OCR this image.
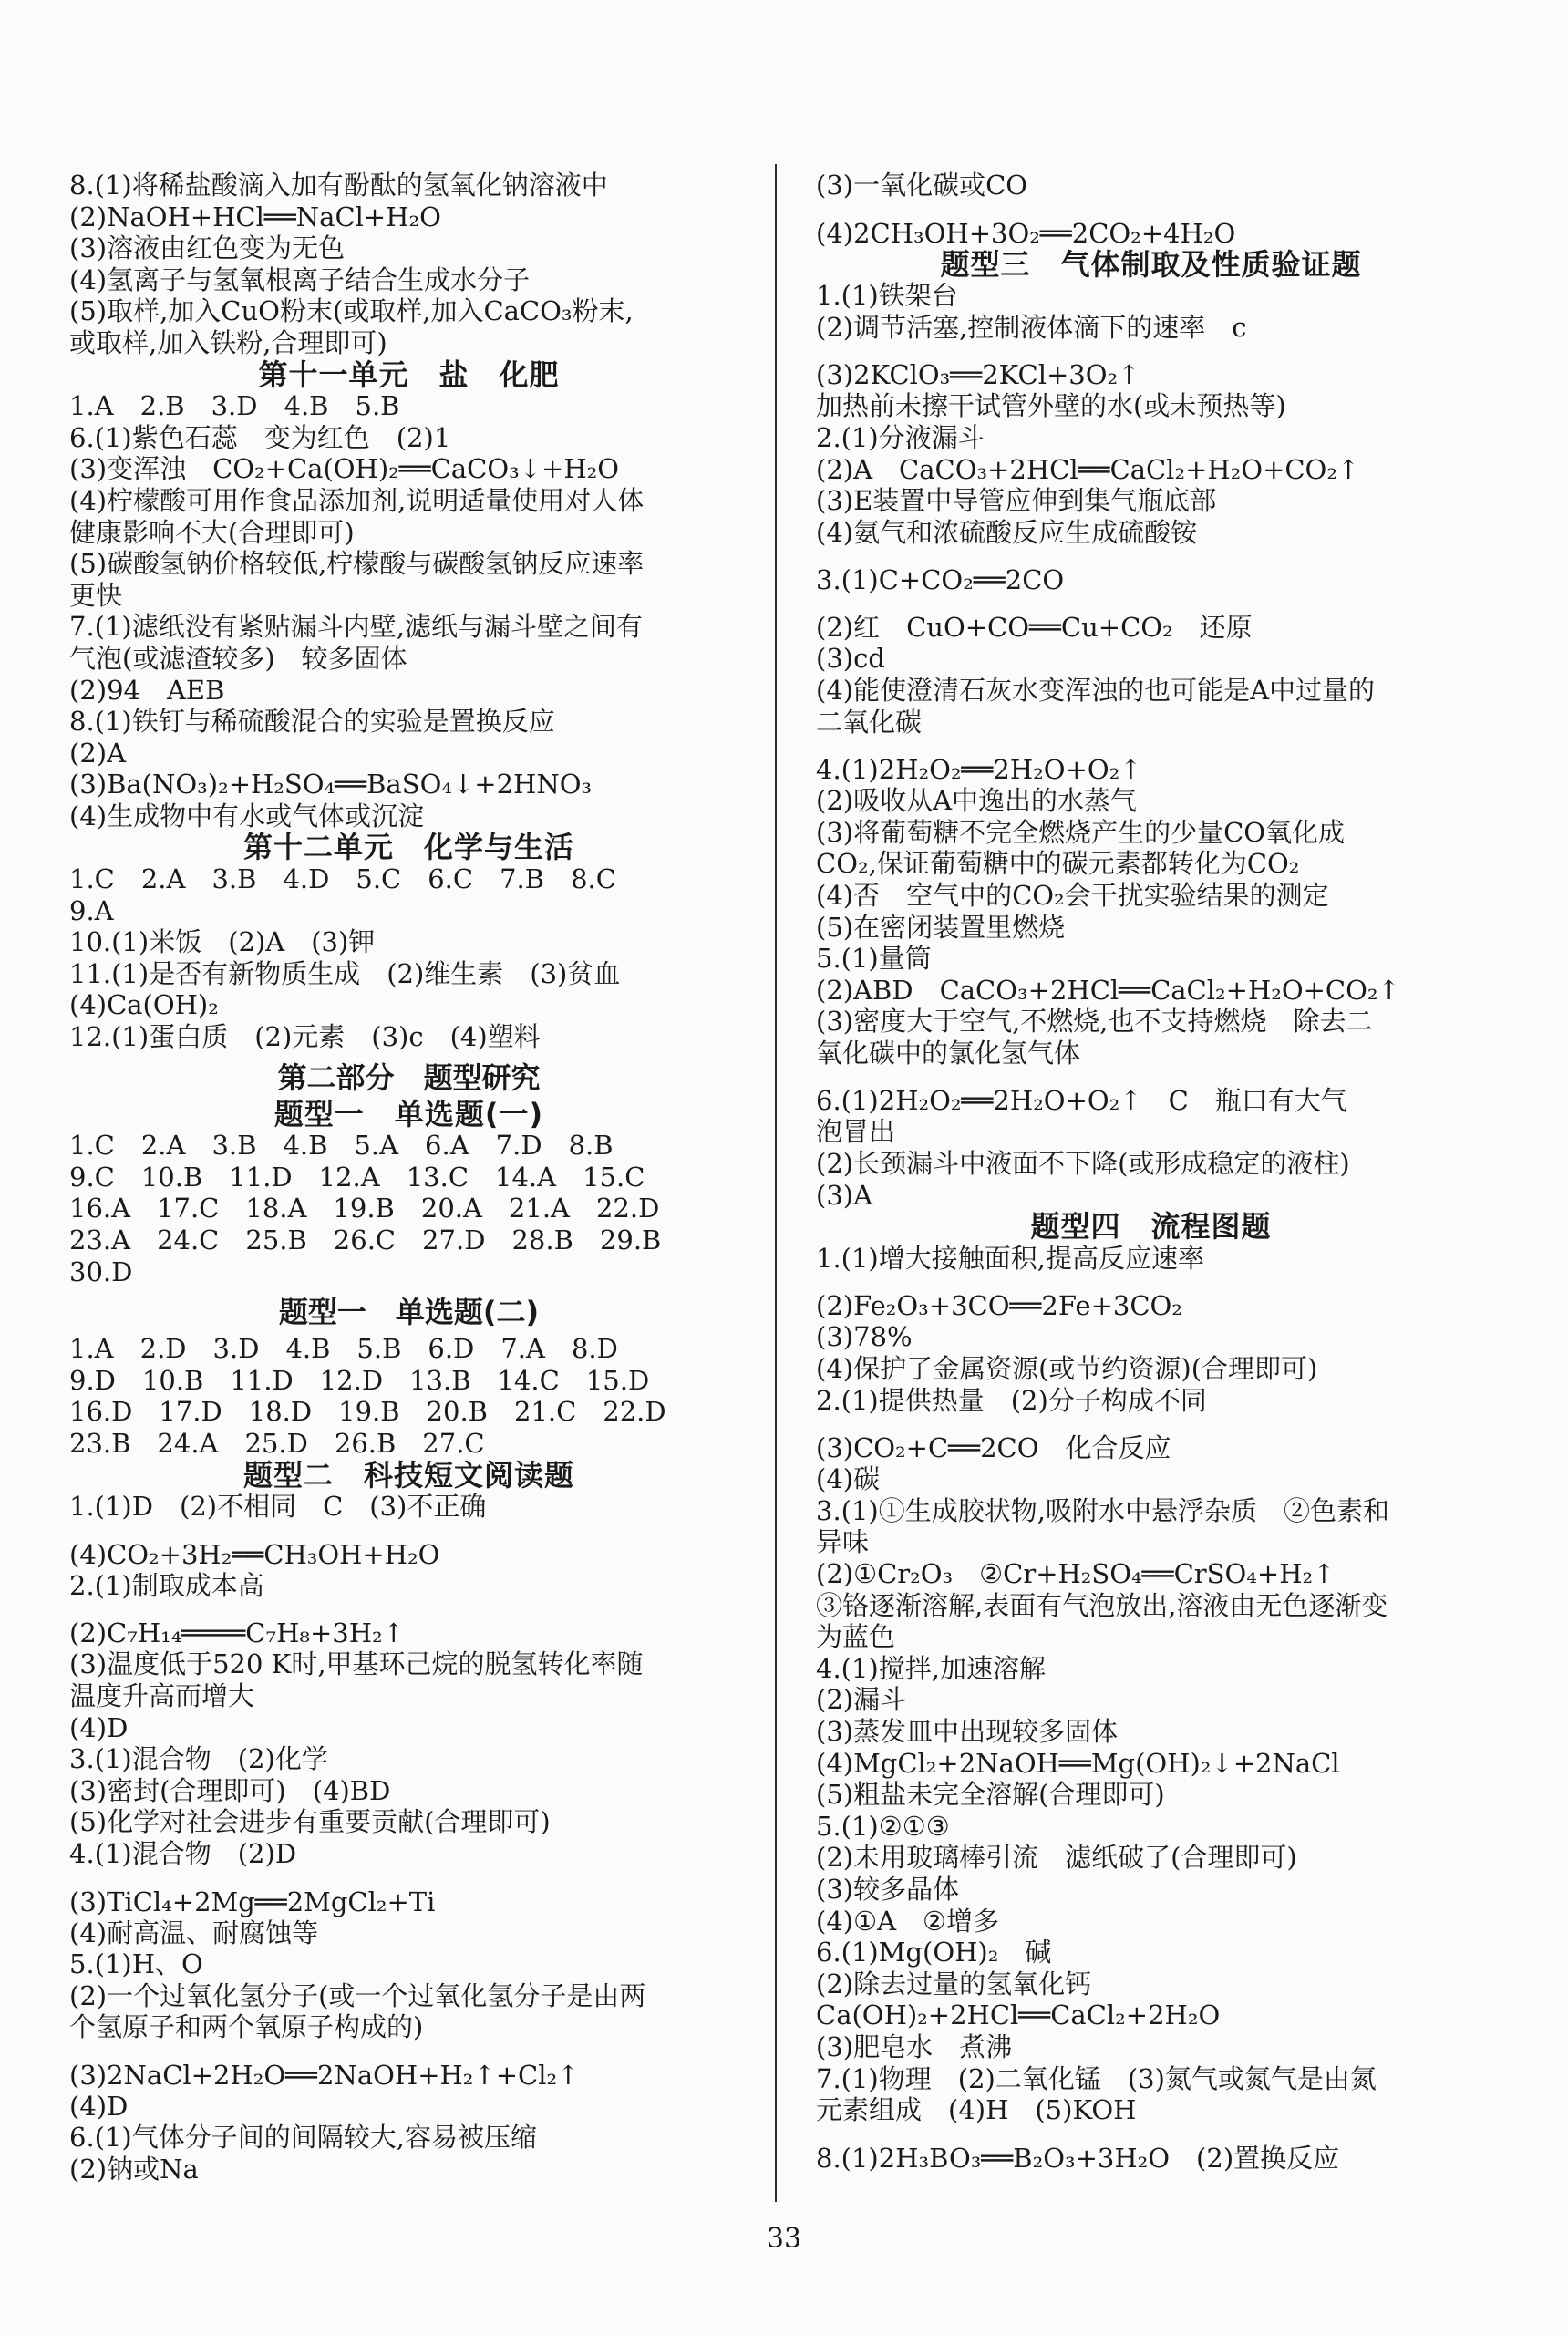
8.(1)将稀盐酸滴入加有酚酞的氢氧化钠溶液中
(2)NaOH+HCl══NaCl+H₂O
(3)溶液由红色变为无色
(4)氢离子与氢氧根离子结合生成水分子
(5)取样,加入CuO粉末(或取样,加入CaCO₃粉末,
或取样,加入铁粉,合理即可)
第十一单元　盐　化肥
1.A　2.B　3.D　4.B　5.B
6.(1)紫色石蕊　变为红色　(2)1
(3)变浑浊　CO₂+Ca(OH)₂══CaCO₃↓+H₂O
(4)柠檬酸可用作食品添加剂,说明适量使用对人体
健康影响不大(合理即可)
(5)碳酸氢钠价格较低,柠檬酸与碳酸氢钠反应速率
更快
7.(1)滤纸没有紧贴漏斗内壁,滤纸与漏斗壁之间有
气泡(或滤渣较多)　较多固体
(2)94　AEB
8.(1)铁钉与稀硫酸混合的实验是置换反应
(2)A
(3)Ba(NO₃)₂+H₂SO₄══BaSO₄↓+2HNO₃
(4)生成物中有水或气体或沉淀
第十二单元　化学与生活
1.C　2.A　3.B　4.D　5.C　6.C　7.B　8.C
9.A
10.(1)米饭　(2)A　(3)钾
11.(1)是否有新物质生成　(2)维生素　(3)贫血
(4)Ca(OH)₂
12.(1)蛋白质　(2)元素　(3)c　(4)塑料
第二部分　题型研究
题型一　单选题(一)
1.C　2.A　3.B　4.B　5.A　6.A　7.D　8.B
9.C　10.B　11.D　12.A　13.C　14.A　15.C
16.A　17.C　18.A　19.B　20.A　21.A　22.D
23.A　24.C　25.B　26.C　27.D　28.B　29.B
30.D
题型一　单选题(二)
1.A　2.D　3.D　4.B　5.B　6.D　7.A　8.D
9.D　10.B　11.D　12.D　13.B　14.C　15.D
16.D　17.D　18.D　19.B　20.B　21.C　22.D
23.B　24.A　25.D　26.B　27.C
题型二　科技短文阅读题
1.(1)D　(2)不相同　C　(3)不正确
(4)CO₂+3H₂══CH₃OH+H₂O
2.(1)制取成本高
(2)C₇H₁₄════C₇H₈+3H₂↑
(3)温度低于520 K时,甲基环己烷的脱氢转化率随
温度升高而增大
(4)D
3.(1)混合物　(2)化学
(3)密封(合理即可)　(4)BD
(5)化学对社会进步有重要贡献(合理即可)
4.(1)混合物　(2)D
(3)TiCl₄+2Mg══2MgCl₂+Ti
(4)耐高温、耐腐蚀等
5.(1)H、O
(2)一个过氧化氢分子(或一个过氧化氢分子是由两
个氢原子和两个氧原子构成的)
(3)2NaCl+2H₂O══2NaOH+H₂↑+Cl₂↑
(4)D
6.(1)气体分子间的间隔较大,容易被压缩
(2)钠或Na
(3)一氧化碳或CO
(4)2CH₃OH+3O₂══2CO₂+4H₂O
题型三　气体制取及性质验证题
1.(1)铁架台
(2)调节活塞,控制液体滴下的速率　c
(3)2KClO₃══2KCl+3O₂↑
加热前未擦干试管外壁的水(或未预热等)
2.(1)分液漏斗
(2)A　CaCO₃+2HCl══CaCl₂+H₂O+CO₂↑
(3)E装置中导管应伸到集气瓶底部
(4)氨气和浓硫酸反应生成硫酸铵
3.(1)C+CO₂══2CO
(2)红　CuO+CO══Cu+CO₂　还原
(3)cd
(4)能使澄清石灰水变浑浊的也可能是A中过量的
二氧化碳
4.(1)2H₂O₂══2H₂O+O₂↑
(2)吸收从A中逸出的水蒸气
(3)将葡萄糖不完全燃烧产生的少量CO氧化成
CO₂,保证葡萄糖中的碳元素都转化为CO₂
(4)否　空气中的CO₂会干扰实验结果的测定
(5)在密闭装置里燃烧
5.(1)量筒
(2)ABD　CaCO₃+2HCl══CaCl₂+H₂O+CO₂↑
(3)密度大于空气,不燃烧,也不支持燃烧　除去二
氧化碳中的氯化氢气体
6.(1)2H₂O₂══2H₂O+O₂↑　C　瓶口有大气
泡冒出
(2)长颈漏斗中液面不下降(或形成稳定的液柱)
(3)A
题型四　流程图题
1.(1)增大接触面积,提高反应速率
(2)Fe₂O₃+3CO══2Fe+3CO₂
(3)78%
(4)保护了金属资源(或节约资源)(合理即可)
2.(1)提供热量　(2)分子构成不同
(3)CO₂+C══2CO　化合反应
(4)碳
3.(1)①生成胶状物,吸附水中悬浮杂质　②色素和
异味
(2)①Cr₂O₃　②Cr+H₂SO₄══CrSO₄+H₂↑
③铬逐渐溶解,表面有气泡放出,溶液由无色逐渐变
为蓝色
4.(1)搅拌,加速溶解
(2)漏斗
(3)蒸发皿中出现较多固体
(4)MgCl₂+2NaOH══Mg(OH)₂↓+2NaCl
(5)粗盐未完全溶解(合理即可)
5.(1)②①③
(2)未用玻璃棒引流　滤纸破了(合理即可)
(3)较多晶体
(4)①A　②增多
6.(1)Mg(OH)₂　碱
(2)除去过量的氢氧化钙
Ca(OH)₂+2HCl══CaCl₂+2H₂O
(3)肥皂水　煮沸
7.(1)物理　(2)二氧化锰　(3)氮气或氮气是由氮
元素组成　(4)H　(5)KOH
8.(1)2H₃BO₃══B₂O₃+3H₂O　(2)置换反应
33
